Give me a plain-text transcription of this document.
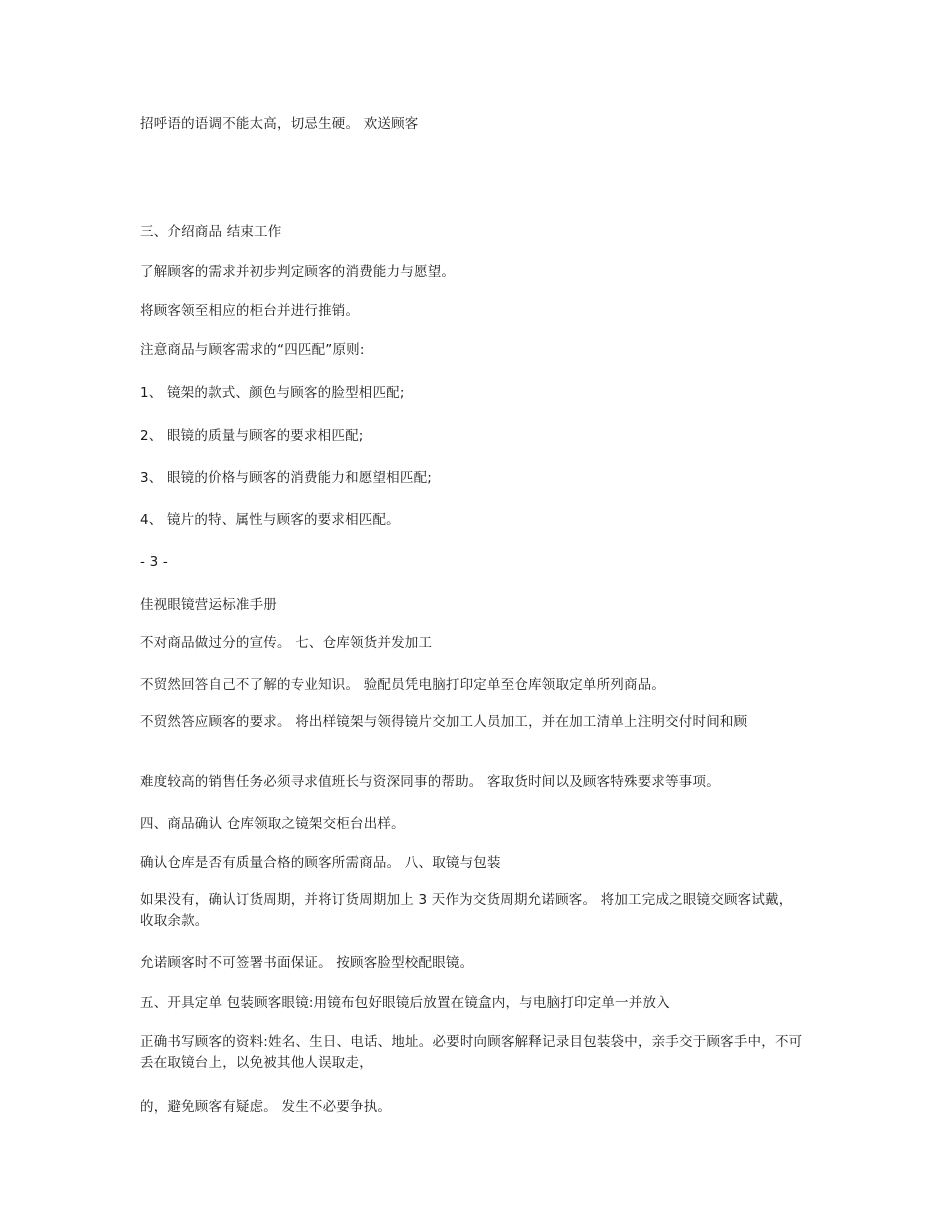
招呼语的语调不能太高，切忌生硬。 欢送顾客
三、介绍商品 结束工作
了解顾客的需求并初步判定顾客的消费能力与愿望。
将顾客领至相应的柜台并进行推销。
注意商品与顾客需求的“四匹配”原则:
1、 镜架的款式、颜色与顾客的脸型相匹配;
2、 眼镜的质量与顾客的要求相匹配;
3、 眼镜的价格与顾客的消费能力和愿望相匹配;
4、 镜片的特、属性与顾客的要求相匹配。
- 3 -
佳视眼镜营运标准手册
不对商品做过分的宣传。 七、仓库领货并发加工
不贸然回答自己不了解的专业知识。 验配员凭电脑打印定单至仓库领取定单所列商品。
不贸然答应顾客的要求。 将出样镜架与领得镜片交加工人员加工，并在加工清单上注明交付时间和顾
难度较高的销售任务必须寻求值班长与资深同事的帮助。 客取货时间以及顾客特殊要求等事项。
四、商品确认 仓库领取之镜架交柜台出样。
确认仓库是否有质量合格的顾客所需商品。 八、取镜与包装
如果没有，确认订货周期，并将订货周期加上 3 天作为交货周期允诺顾客。 将加工完成之眼镜交顾客试戴，收取余款。
允诺顾客时不可签署书面保证。 按顾客脸型校配眼镜。
五、开具定单 包装顾客眼镜:用镜布包好眼镜后放置在镜盒内，与电脑打印定单一并放入
正确书写顾客的资料:姓名、生日、电话、地址。必要时向顾客解释记录目包装袋中，亲手交于顾客手中，不可丢在取镜台上，以免被其他人误取走，
的，避免顾客有疑虑。 发生不必要争执。
